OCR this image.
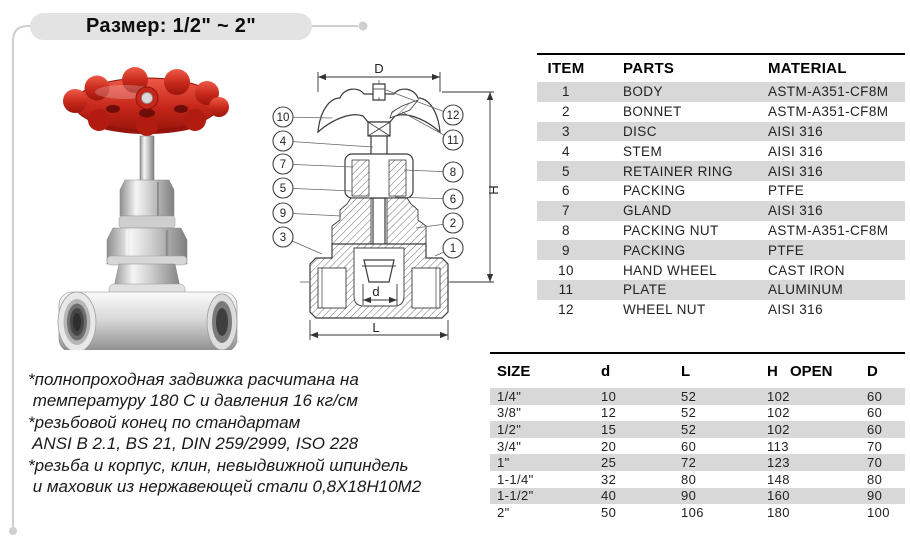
Размер: 1/2" ~ 2"
D
H
d
L
10
4
7
5
9
3
12
11
8
6
2
1
ITEM	PARTS	MATERIAL
1	BODY	ASTM-A351-CF8M
2	BONNET	ASTM-A351-CF8M
3	DISC	AISI 316
4	STEM	AISI 316
5	RETAINER RING	AISI 316
6	PACKING	PTFE
7	GLAND	AISI 316
8	PACKING NUT	ASTM-A351-CF8M
9	PACKING	PTFE
10	HAND WHEEL	CAST IRON
11	PLATE	ALUMINUM
12	WHEEL NUT	AISI 316
SIZE	d	L	H OPEN	D
1/4"	10	52	102	60
3/8"	12	52	102	60
1/2"	15	52	102	60
3/4"	20	60	113	70
1"	25	72	123	70
1-1/4"	32	80	148	80
1-1/2"	40	90	160	90
2"	50	106	180	100
*полнопроходная задвижка расчитана на
температуру 180 С и давления 16 кг/см
*резьбовой конец по стандартам
ANSI B 2.1, BS 21, DIN 259/2999, ISO 228
*резьба и корпус, клин, невыдвижной шпиндель
и маховик из нержавеющей стали 0,8Х18Н10М2
